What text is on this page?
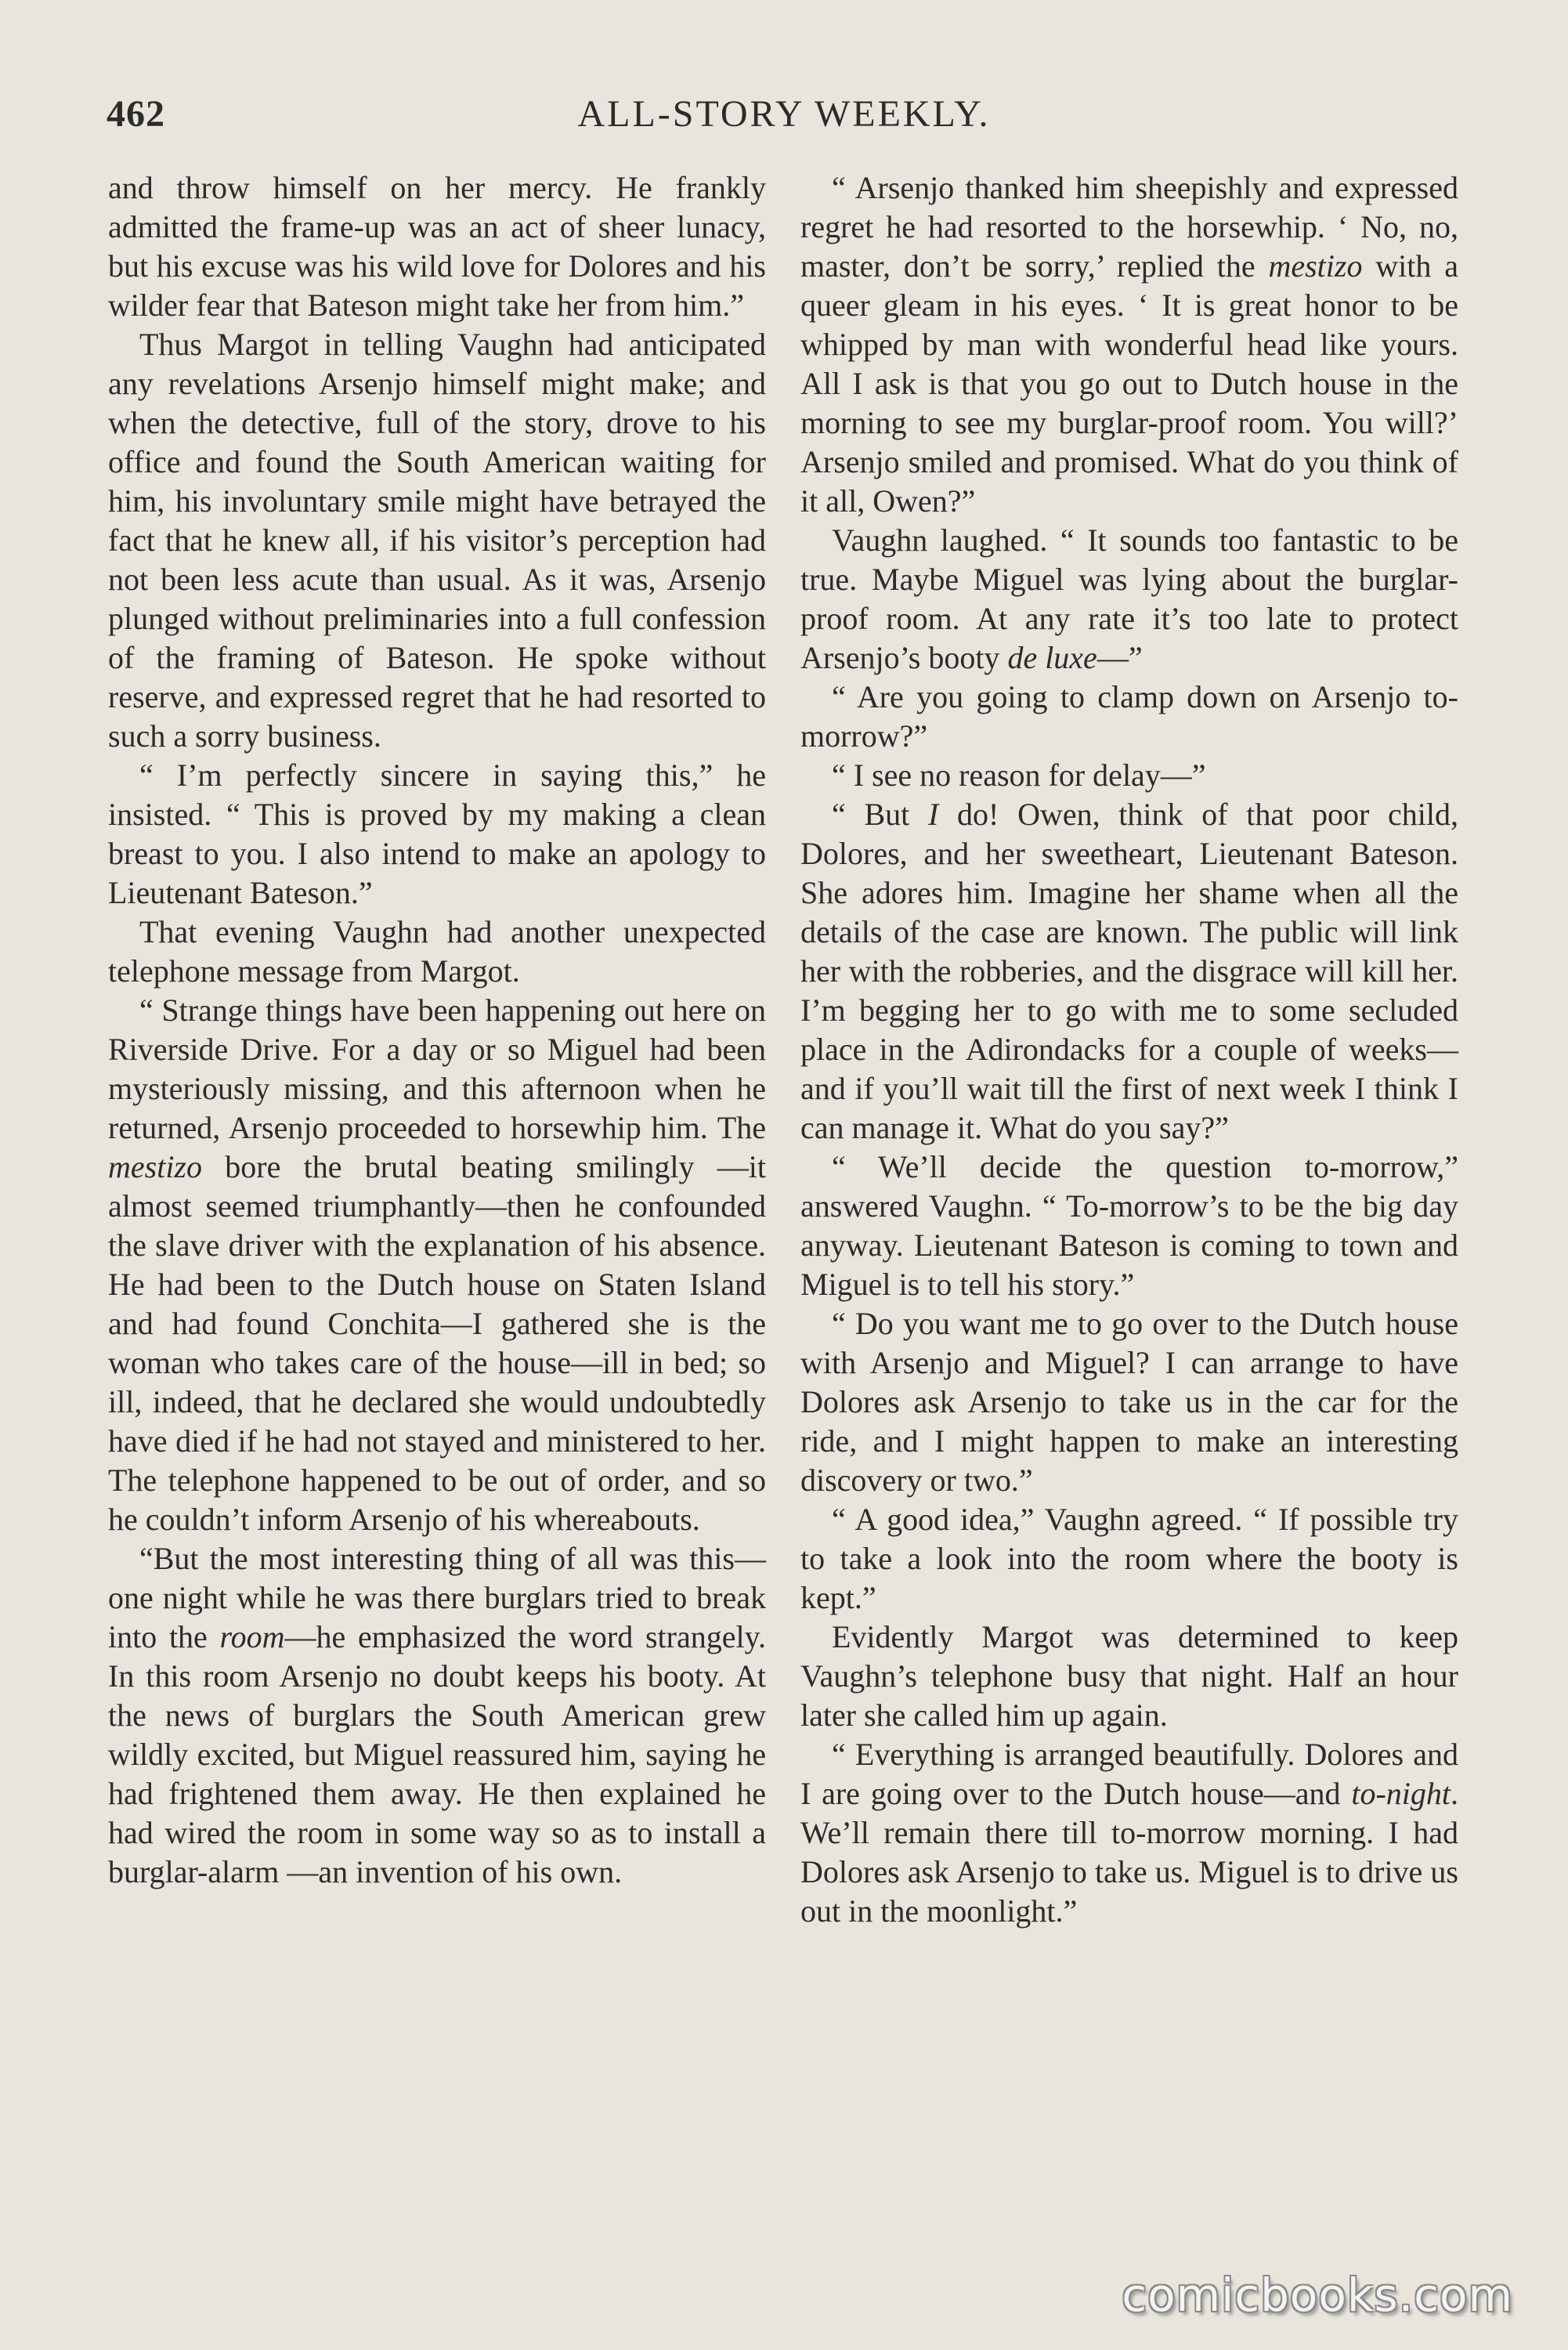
462	ALL-STORY WEEKLY.

and throw himself on her mercy. He frankly admitted the frame-up was an act of sheer lunacy, but his excuse was his wild love for Dolores and his wilder fear that Bateson might take her from him.”

Thus Margot in telling Vaughn had anticipated any revelations Arsenjo himself might make; and when the detective, full of the story, drove to his office and found the South American waiting for him, his involuntary smile might have betrayed the fact that he knew all, if his visitor’s perception had not been less acute than usual. As it was, Arsenjo plunged without preliminaries into a full confession of the framing of Bateson. He spoke without reserve, and expressed regret that he had resorted to such a sorry business.

“ I’m perfectly sincere in saying this,” he insisted. “ This is proved by my making a clean breast to you. I also intend to make an apology to Lieutenant Bateson.”

That evening Vaughn had another unexpected telephone message from Margot.

“ Strange things have been happening out here on Riverside Drive. For a day or so Miguel had been mysteriously missing, and this afternoon when he returned, Arsenjo proceeded to horsewhip him. The mestizo bore the brutal beating smilingly —it almost seemed triumphantly—then he confounded the slave driver with the explanation of his absence. He had been to the Dutch house on Staten Island and had found Conchita—I gathered she is the woman who takes care of the house—ill in bed; so ill, indeed, that he declared she would undoubtedly have died if he had not stayed and ministered to her. The telephone happened to be out of order, and so he couldn’t inform Arsenjo of his whereabouts.

“But the most interesting thing of all was this—one night while he was there burglars tried to break into the room—he emphasized the word strangely. In this room Arsenjo no doubt keeps his booty. At the news of burglars the South American grew wildly excited, but Miguel reassured him, saying he had frightened them away. He then explained he had wired the room in some way so as to install a burglar-alarm —an invention of his own.

“ Arsenjo thanked him sheepishly and expressed regret he had resorted to the horsewhip. ‘ No, no, master, don’t be sorry,’ replied the mestizo with a queer gleam in his eyes. ‘ It is great honor to be whipped by man with wonderful head like yours. All I ask is that you go out to Dutch house in the morning to see my burglar-proof room. You will?’ Arsenjo smiled and promised. What do you think of it all, Owen?”

Vaughn laughed. “ It sounds too fantastic to be true. Maybe Miguel was lying about the burglar-proof room. At any rate it’s too late to protect Arsenjo’s booty de luxe—”

“ Are you going to clamp down on Arsenjo to-morrow?”

“ I see no reason for delay—”

“ But I do! Owen, think of that poor child, Dolores, and her sweetheart, Lieutenant Bateson. She adores him. Imagine her shame when all the details of the case are known. The public will link her with the robberies, and the disgrace will kill her. I’m begging her to go with me to some secluded place in the Adirondacks for a couple of weeks—and if you’ll wait till the first of next week I think I can manage it. What do you say?”

“ We’ll decide the question to-morrow,” answered Vaughn. “ To-morrow’s to be the big day anyway. Lieutenant Bateson is coming to town and Miguel is to tell his story.”

“ Do you want me to go over to the Dutch house with Arsenjo and Miguel? I can arrange to have Dolores ask Arsenjo to take us in the car for the ride, and I might happen to make an interesting discovery or two.”

“ A good idea,” Vaughn agreed. “ If possible try to take a look into the room where the booty is kept.”

Evidently Margot was determined to keep Vaughn’s telephone busy that night. Half an hour later she called him up again.

“ Everything is arranged beautifully. Dolores and I are going over to the Dutch house—and to-night. We’ll remain there till to-morrow morning. I had Dolores ask Arsenjo to take us. Miguel is to drive us out in the moonlight.”

comicbooks.com
